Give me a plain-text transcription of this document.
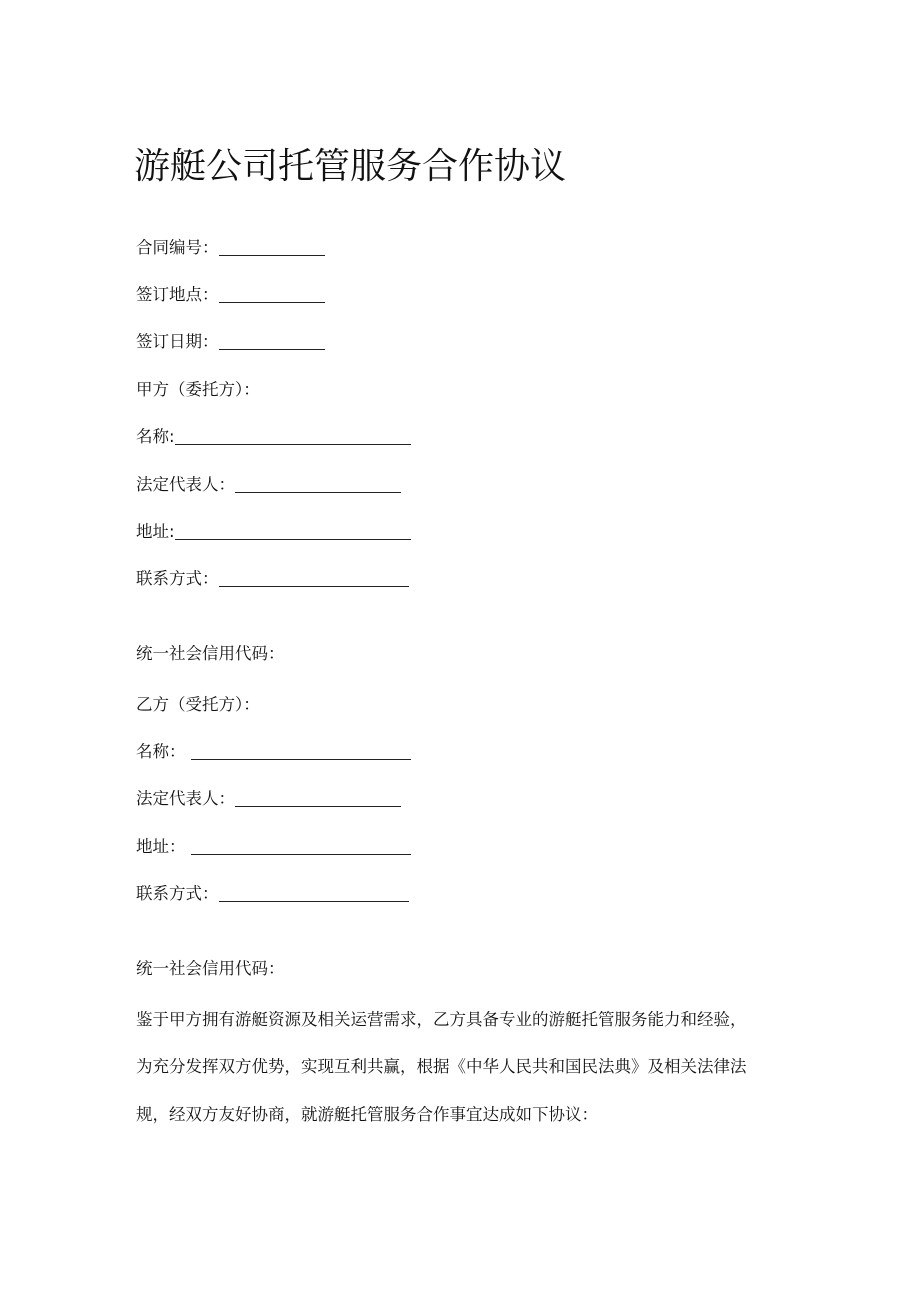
游艇公司托管服务合作协议
合同编号：
签订地点：
签订日期：
甲方（委托方）：
名称:
法定代表人：
地址:
联系方式：
统一社会信用代码：
乙方（受托方）：
名称：
法定代表人：
地址：
联系方式：
统一社会信用代码：
鉴于甲方拥有游艇资源及相关运营需求，乙方具备专业的游艇托管服务能力和经验，
为充分发挥双方优势，实现互利共赢，根据《中华人民共和国民法典》及相关法律法
规，经双方友好协商，就游艇托管服务合作事宜达成如下协议：
